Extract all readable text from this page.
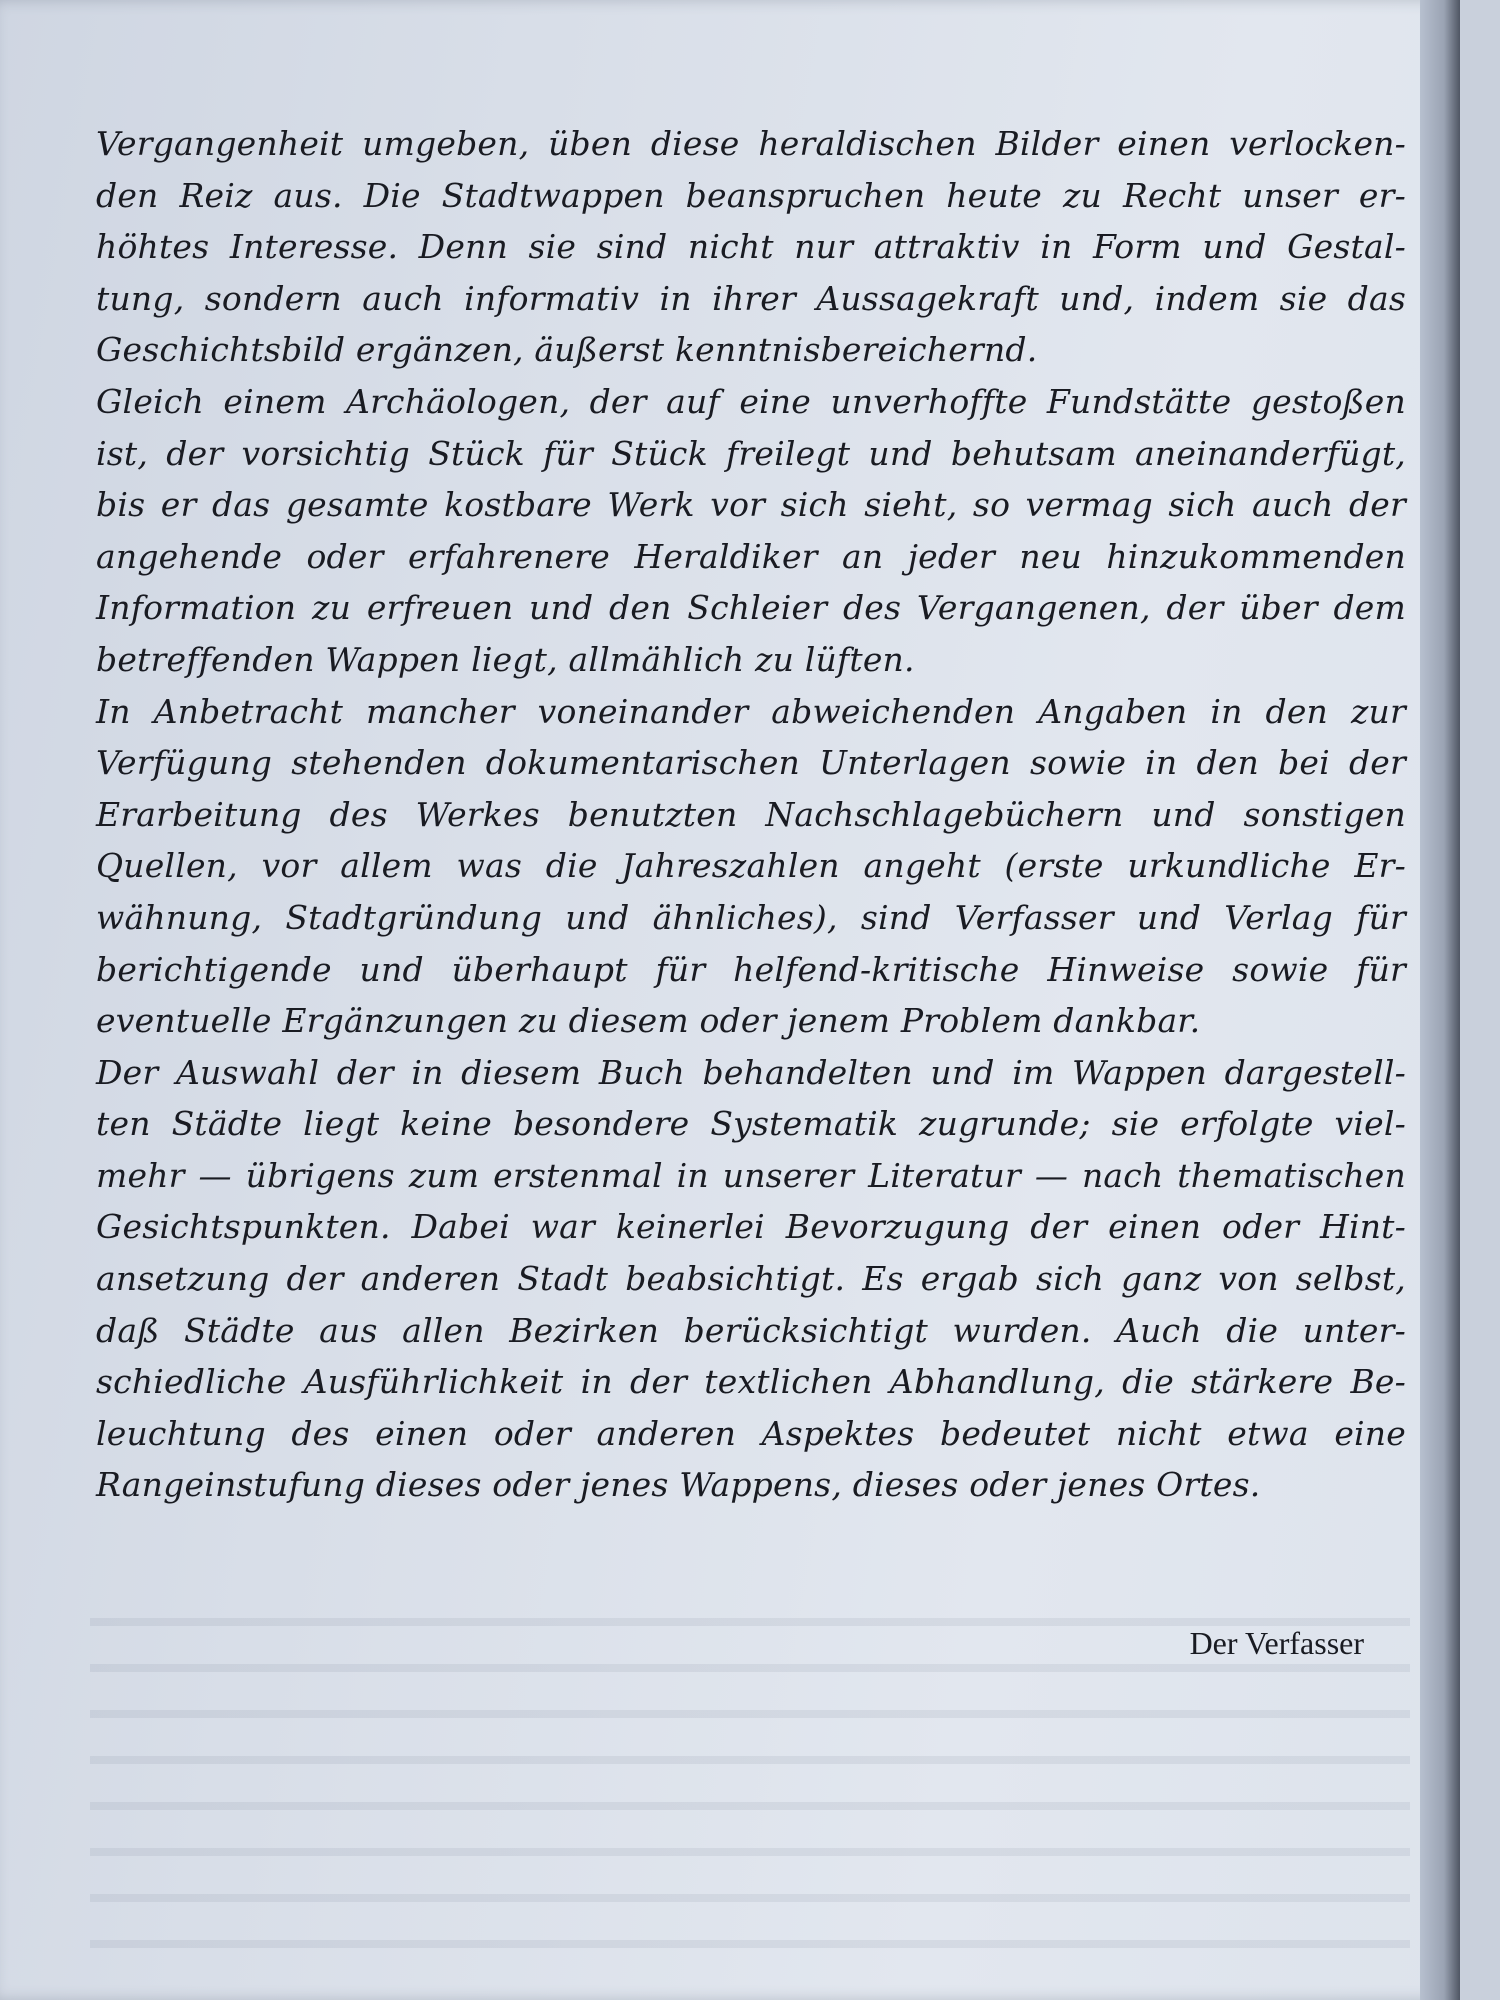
Vergangenheit umgeben, üben diese heraldischen Bilder einen verlocken-
den Reiz aus. Die Stadtwappen beanspruchen heute zu Recht unser er-
höhtes Interesse. Denn sie sind nicht nur attraktiv in Form und Gestal-
tung, sondern auch informativ in ihrer Aussagekraft und, indem sie das
Geschichtsbild ergänzen, äußerst kenntnisbereichernd.
Gleich einem Archäologen, der auf eine unverhoffte Fundstätte gestoßen
ist, der vorsichtig Stück für Stück freilegt und behutsam aneinanderfügt,
bis er das gesamte kostbare Werk vor sich sieht, so vermag sich auch der
angehende oder erfahrenere Heraldiker an jeder neu hinzukommenden
Information zu erfreuen und den Schleier des Vergangenen, der über dem
betreffenden Wappen liegt, allmählich zu lüften.
In Anbetracht mancher voneinander abweichenden Angaben in den zur
Verfügung stehenden dokumentarischen Unterlagen sowie in den bei der
Erarbeitung des Werkes benutzten Nachschlagebüchern und sonstigen
Quellen, vor allem was die Jahreszahlen angeht (erste urkundliche Er-
wähnung, Stadtgründung und ähnliches), sind Verfasser und Verlag für
berichtigende und überhaupt für helfend-kritische Hinweise sowie für
eventuelle Ergänzungen zu diesem oder jenem Problem dankbar.
Der Auswahl der in diesem Buch behandelten und im Wappen dargestell-
ten Städte liegt keine besondere Systematik zugrunde; sie erfolgte viel-
mehr — übrigens zum erstenmal in unserer Literatur — nach thematischen
Gesichtspunkten. Dabei war keinerlei Bevorzugung der einen oder Hint-
ansetzung der anderen Stadt beabsichtigt. Es ergab sich ganz von selbst,
daß Städte aus allen Bezirken berücksichtigt wurden. Auch die unter-
schiedliche Ausführlichkeit in der textlichen Abhandlung, die stärkere Be-
leuchtung des einen oder anderen Aspektes bedeutet nicht etwa eine
Rangeinstufung dieses oder jenes Wappens, dieses oder jenes Ortes.
Der Verfasser
